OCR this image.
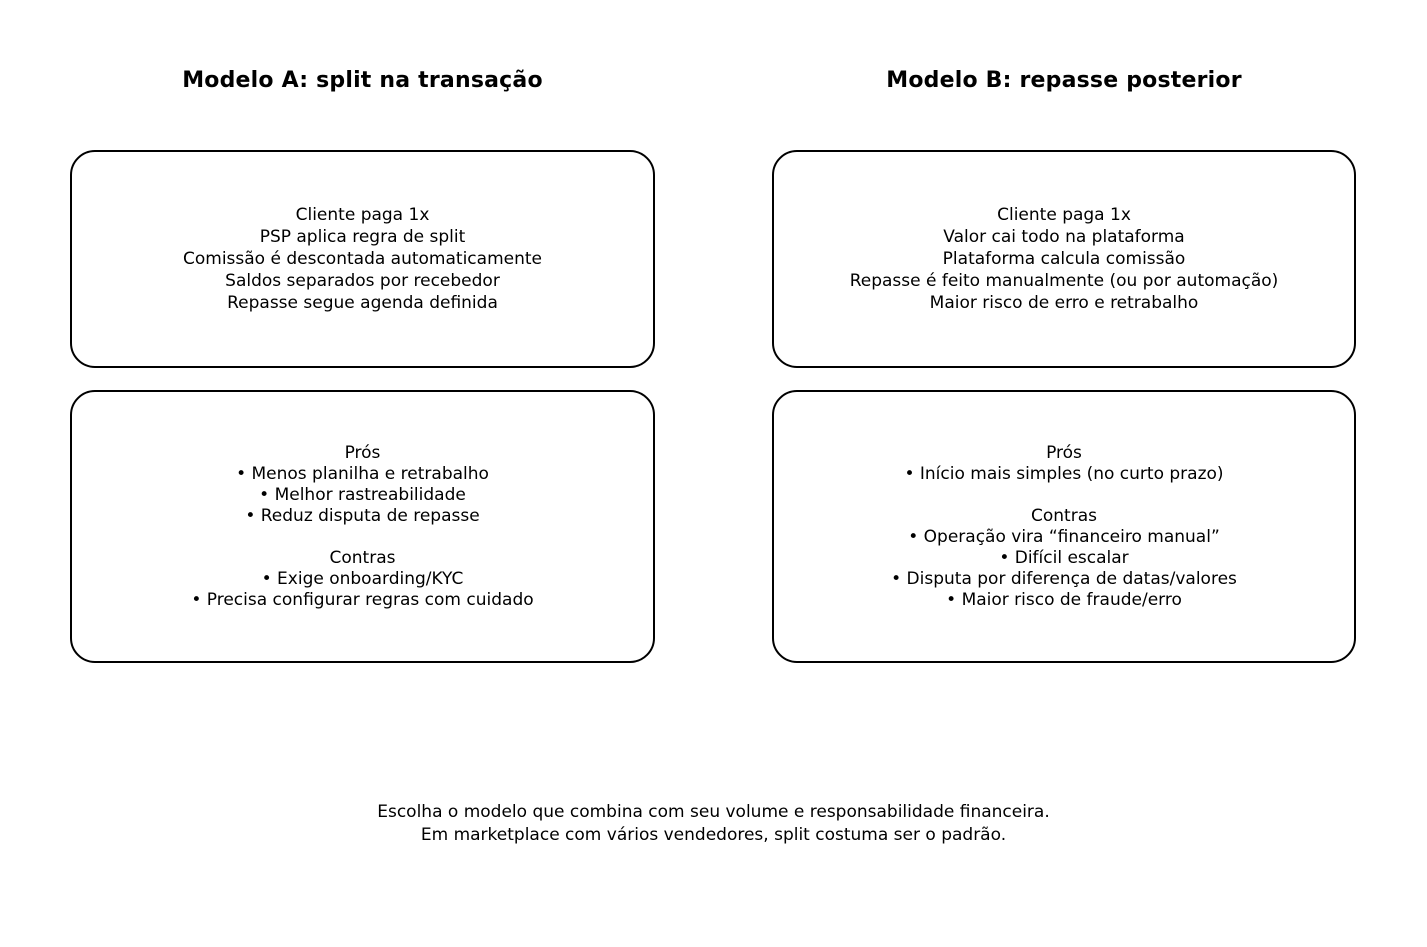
Modelo A: split na transação	Modelo B: repasse posterior
Cliente paga 1x
PSP aplica regra de split
Comissão é descontada automaticamente
Saldos separados por recebedor
Repasse segue agenda definida
Prós
• Menos planilha e retrabalho
• Melhor rastreabilidade
• Reduz disputa de repasse

Contras
• Exige onboarding/KYC
• Precisa configurar regras com cuidado
Cliente paga 1x
Valor cai todo na plataforma
Plataforma calcula comissão
Repasse é feito manualmente (ou por automação)
Maior risco de erro e retrabalho
Prós
• Início mais simples (no curto prazo)

Contras
• Operação vira “financeiro manual”
• Difícil escalar
• Disputa por diferença de datas/valores
• Maior risco de fraude/erro
Escolha o modelo que combina com seu volume e responsabilidade financeira.
Em marketplace com vários vendedores, split costuma ser o padrão.
